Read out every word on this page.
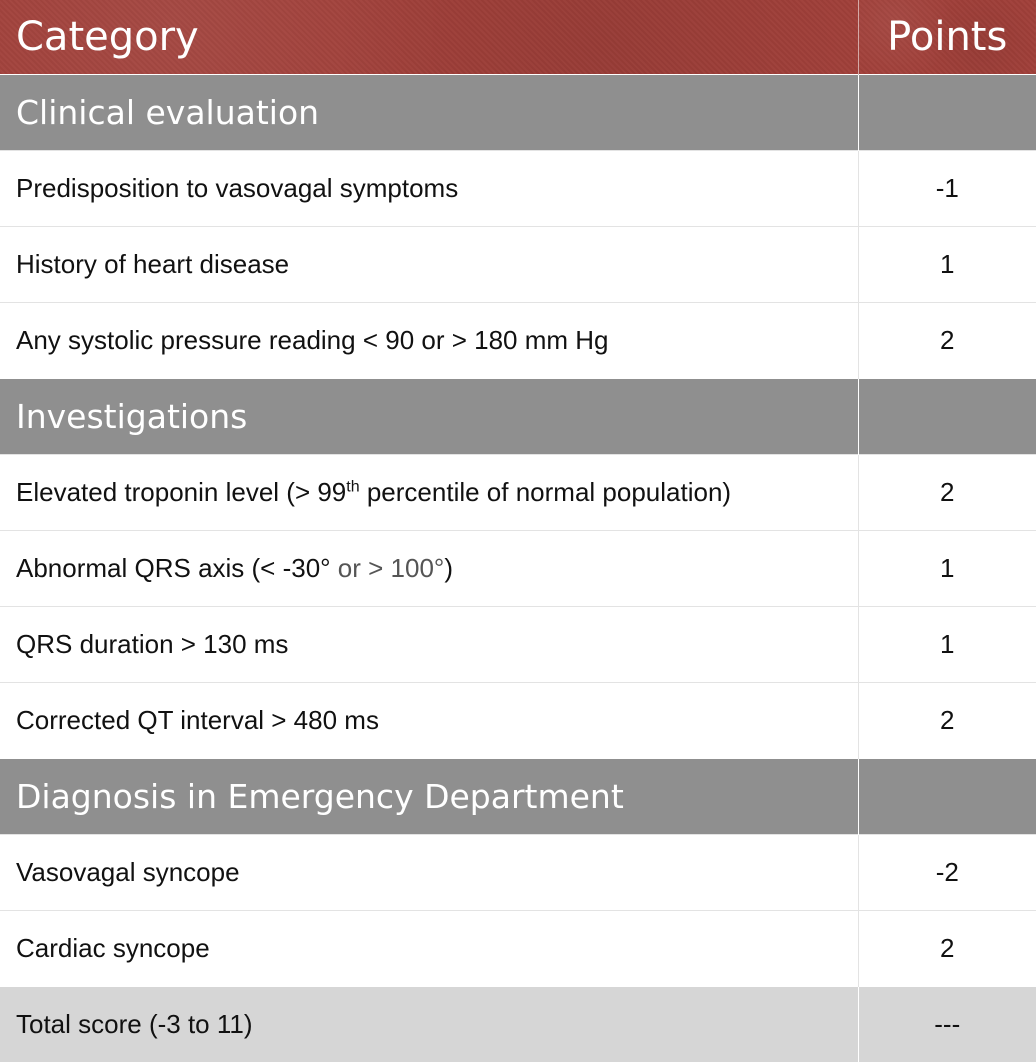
Category	Points
Clinical evaluation	
Predisposition to vasovagal symptoms	-1
History of heart disease	1
Any systolic pressure reading < 90 or > 180 mm Hg	2
Investigations	
Elevated troponin level (> 99th percentile of normal population)	2
Abnormal QRS axis (< -30° or > 100°)	1
QRS duration > 130 ms	1
Corrected QT interval > 480 ms	2
Diagnosis in Emergency Department	
Vasovagal syncope	-2
Cardiac syncope	2
Total score (-3 to 11)	---
